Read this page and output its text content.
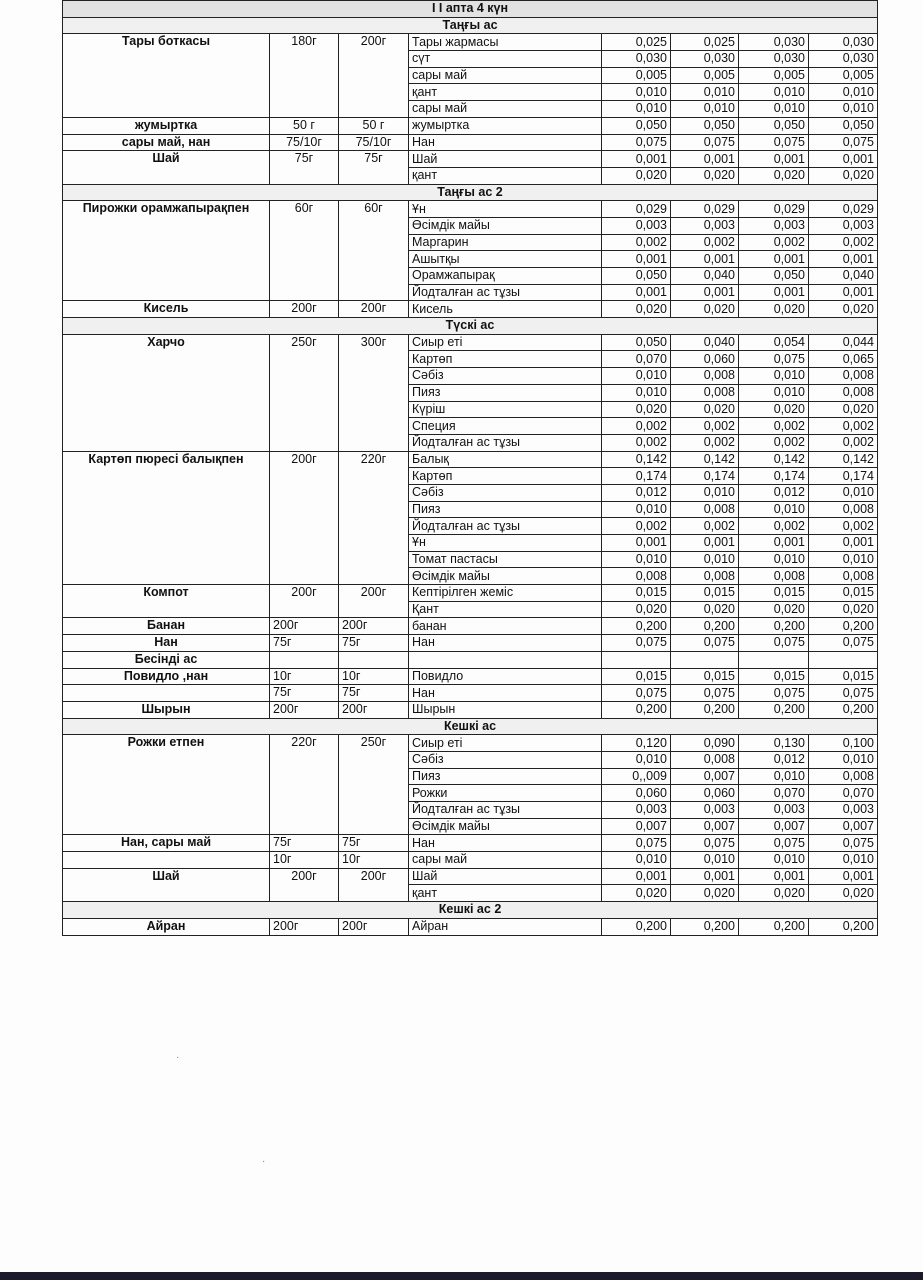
I I апта 4 күн							
Таңғы ас							
Тары боткасы	180г	200г	Тары жармасы	0,025	0,025	0,030	0,030
			сүт	0,030	0,030	0,030	0,030
			сары май	0,005	0,005	0,005	0,005
			қант	0,010	0,010	0,010	0,010
			сары май	0,010	0,010	0,010	0,010
жумыртка	50 г	50 г	жумыртка	0,050	0,050	0,050	0,050
сары май, нан	75/10г	75/10г	Нан	0,075	0,075	0,075	0,075
Шай	75г	75г	Шай	0,001	0,001	0,001	0,001
			қант	0,020	0,020	0,020	0,020
Таңғы ас 2							
Пирожки орамжапырақпен	60г	60г	Ұн	0,029	0,029	0,029	0,029
			Өсімдік майы	0,003	0,003	0,003	0,003
			Маргарин	0,002	0,002	0,002	0,002
			Ашытқы	0,001	0,001	0,001	0,001
			Орамжапырақ	0,050	0,040	0,050	0,040
			Йодталған ас тұзы	0,001	0,001	0,001	0,001
Кисель	200г	200г	Кисель	0,020	0,020	0,020	0,020
Түскі ас							
Харчо	250г	300г	Сиыр еті	0,050	0,040	0,054	0,044
			Картөп	0,070	0,060	0,075	0,065
			Сәбіз	0,010	0,008	0,010	0,008
			Пияз	0,010	0,008	0,010	0,008
			Күріш	0,020	0,020	0,020	0,020
			Специя	0,002	0,002	0,002	0,002
			Йодталған ас тұзы	0,002	0,002	0,002	0,002
Картөп пюресі балықпен	200г	220г	Балық	0,142	0,142	0,142	0,142
			Картөп	0,174	0,174	0,174	0,174
			Сәбіз	0,012	0,010	0,012	0,010
			Пияз	0,010	0,008	0,010	0,008
			Йодталған ас тұзы	0,002	0,002	0,002	0,002
			Ұн	0,001	0,001	0,001	0,001
			Томат пастасы	0,010	0,010	0,010	0,010
			Өсімдік майы	0,008	0,008	0,008	0,008
Компот	200г	200г	Кептірілген жеміс	0,015	0,015	0,015	0,015
			Қант	0,020	0,020	0,020	0,020
Банан	200г	200г	банан	0,200	0,200	0,200	0,200
Нан	75г	75г	Нан	0,075	0,075	0,075	0,075
Бесінді ас							
Повидло ,нан	10г	10г	Повидло	0,015	0,015	0,015	0,015
	75г	75г	Нан	0,075	0,075	0,075	0,075
Шырын	200г	200г	Шырын	0,200	0,200	0,200	0,200
Кешкі ас							
Рожки етпен	220г	250г	Сиыр еті	0,120	0,090	0,130	0,100
			Сәбіз	0,010	0,008	0,012	0,010
			Пияз	0,,009	0,007	0,010	0,008
			Рожки	0,060	0,060	0,070	0,070
			Йодталған ас тұзы	0,003	0,003	0,003	0,003
			Өсімдік майы	0,007	0,007	0,007	0,007
Нан, сары май	75г	75г	Нан	0,075	0,075	0,075	0,075
	10г	10г	сары май	0,010	0,010	0,010	0,010
Шай	200г	200г	Шай	0,001	0,001	0,001	0,001
			қант	0,020	0,020	0,020	0,020
Кешкі ас 2							
Айран	200г	200г	Айран	0,200	0,200	0,200	0,200
·
·
